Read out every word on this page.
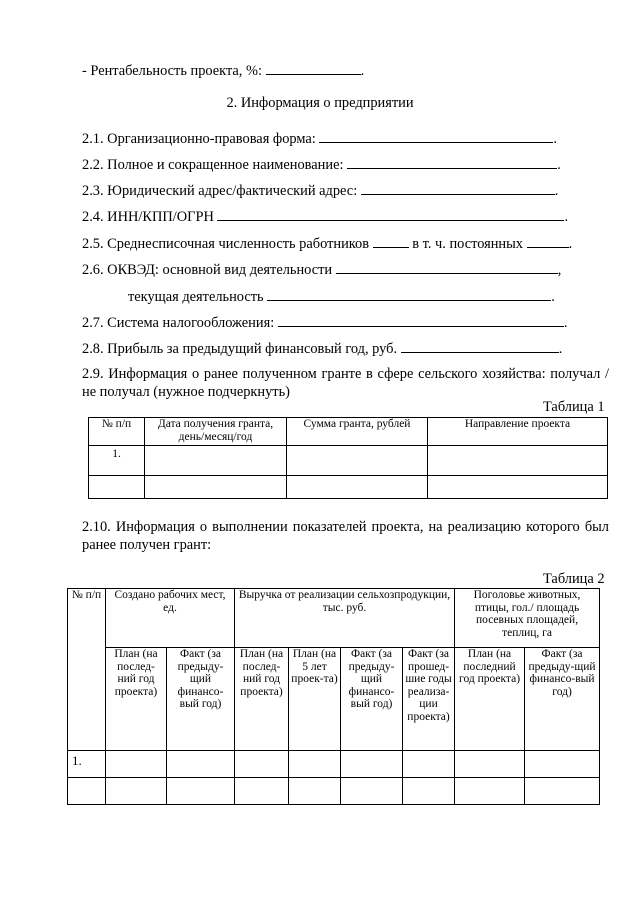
- Рентабельность проекта, %:	.
2. Информация о предприятии
2.1. Организационно-правовая форма:	.
2.2. Полное и сокращенное наименование:	.
2.3. Юридический адрес/фактический адрес:	.
2.4. ИНН/КПП/ОГРН	.
2.5. Среднесписочная численность работников	в т. ч. постоянных	.
2.6. ОКВЭД: основной вид деятельности	,
текущая деятельность	.
2.7. Система налогообложения:	.
2.8. Прибыль за предыдущий финансовый год, руб.	.
2.9. Информация о ранее полученном гранте в сфере сельского хозяйства: получал / не получал (нужное подчеркнуть)
Таблица 1
№ п/п	Дата получения гранта, день/месяц/год	Сумма гранта, рублей	Направление проекта
1.			

2.10. Информация о выполнении показателей проекта, на реализацию которого был ранее получен грант:
Таблица 2
№ п/п	Создано рабочих мест, ед.		Выручка от реализации сельхозпродукции, тыс. руб.				Поголовье животных, птицы, гол./ площадь посевных площадей, теплиц, га	
	План (на послед-ний год проекта)	Факт (за предыду-щий финансо-вый год)	План (на послед-ний год проекта)	План (на 5 лет проек-та)	Факт (за предыду-щий финансо-вый год)	Факт (за прошед-шие годы реализа-ции проекта)	План (на последний год проекта)	Факт (за предыду-щий финансо-вый год)
1.								
